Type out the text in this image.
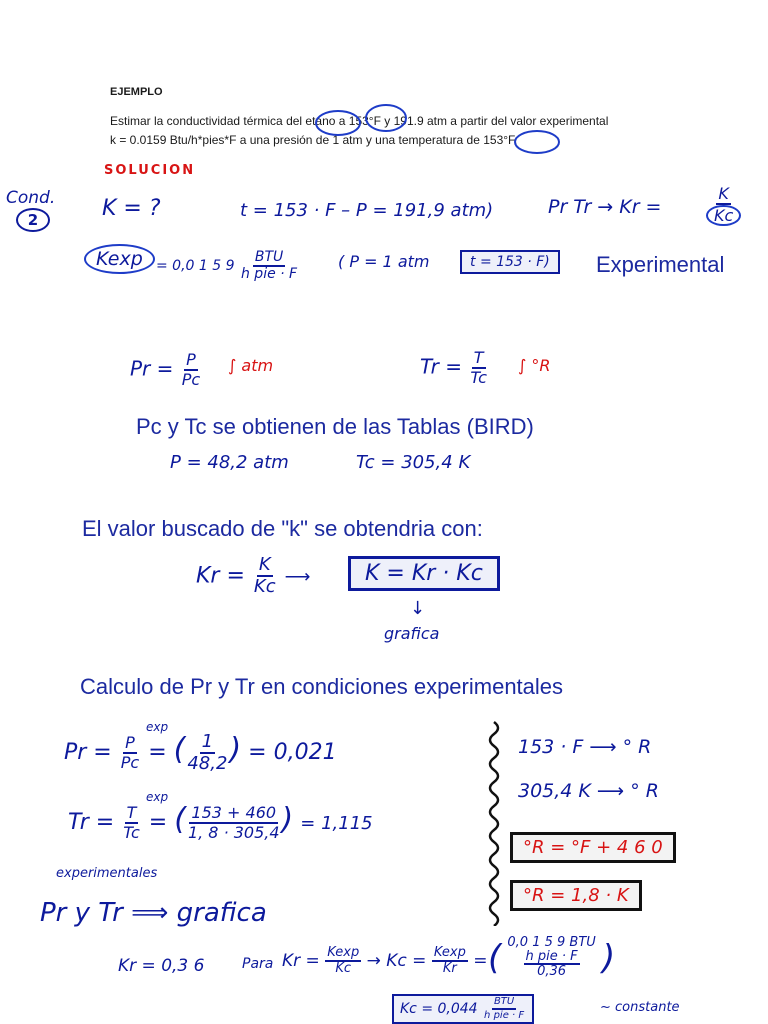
EJEMPLO
Estimar la conductividad térmica del etano a 153°F y 191.9 atm a partir del valor experimental
k = 0.0159 Btu/h*pies*F a una presión de 1 atm y una temperatura de 153°F.
SOLUCION
Cond.
2	K = ?	t = 153 · F – P = 191,9 atm)	Pr Tr → Kr =	$\frac{K}{Kc}$
Kexp = 0,0 1 5 $9 \frac{\text{BTU}}{\text{h pie · F}}$ ( P = 1 atm	t = 153 · F)	Experimental
$Pr = \frac{P}{Pc}$ ∫ atm	$Tr = \frac{T}{Tc}$ ∫ °R
Pc y Tc se obtienen de las Tablas (BIRD)
P = 48,2 atm	Tc = 305,4 K
El valor buscado de "k" se obtendria con:
$Kr = \frac{K}{Kc}$ ⟶	K = Kr · Kc
↓
grafica
Calculo de Pr y Tr en condiciones experimentales
exp
$Pr = \frac{P}{Pc}$ = ( $\frac{1}{48,2}$ ) = 0,021
exp
$Tr = \frac{T}{Tc}$ = ( $\frac{153 + 460}{1, 8 \cdot 305,4}$ ) = 1,115
153 · F ⟶ ° R
305,4 K ⟶ ° R
°R = °F + 4 6 0
°R = 1,8 · K
experimentales
Pr y Tr ⟹ grafica
Kr = 0,3 6	Para $Kr = \frac{Kexp}{Kc} \to Kc = \frac{Kexp}{Kr}$ = ( 0,0 1 5 9 BTU
h pie · F
0,36 )
$Kc = 0,044 \frac{\text{BTU}}{\text{h pie · F}}$	~ constante
